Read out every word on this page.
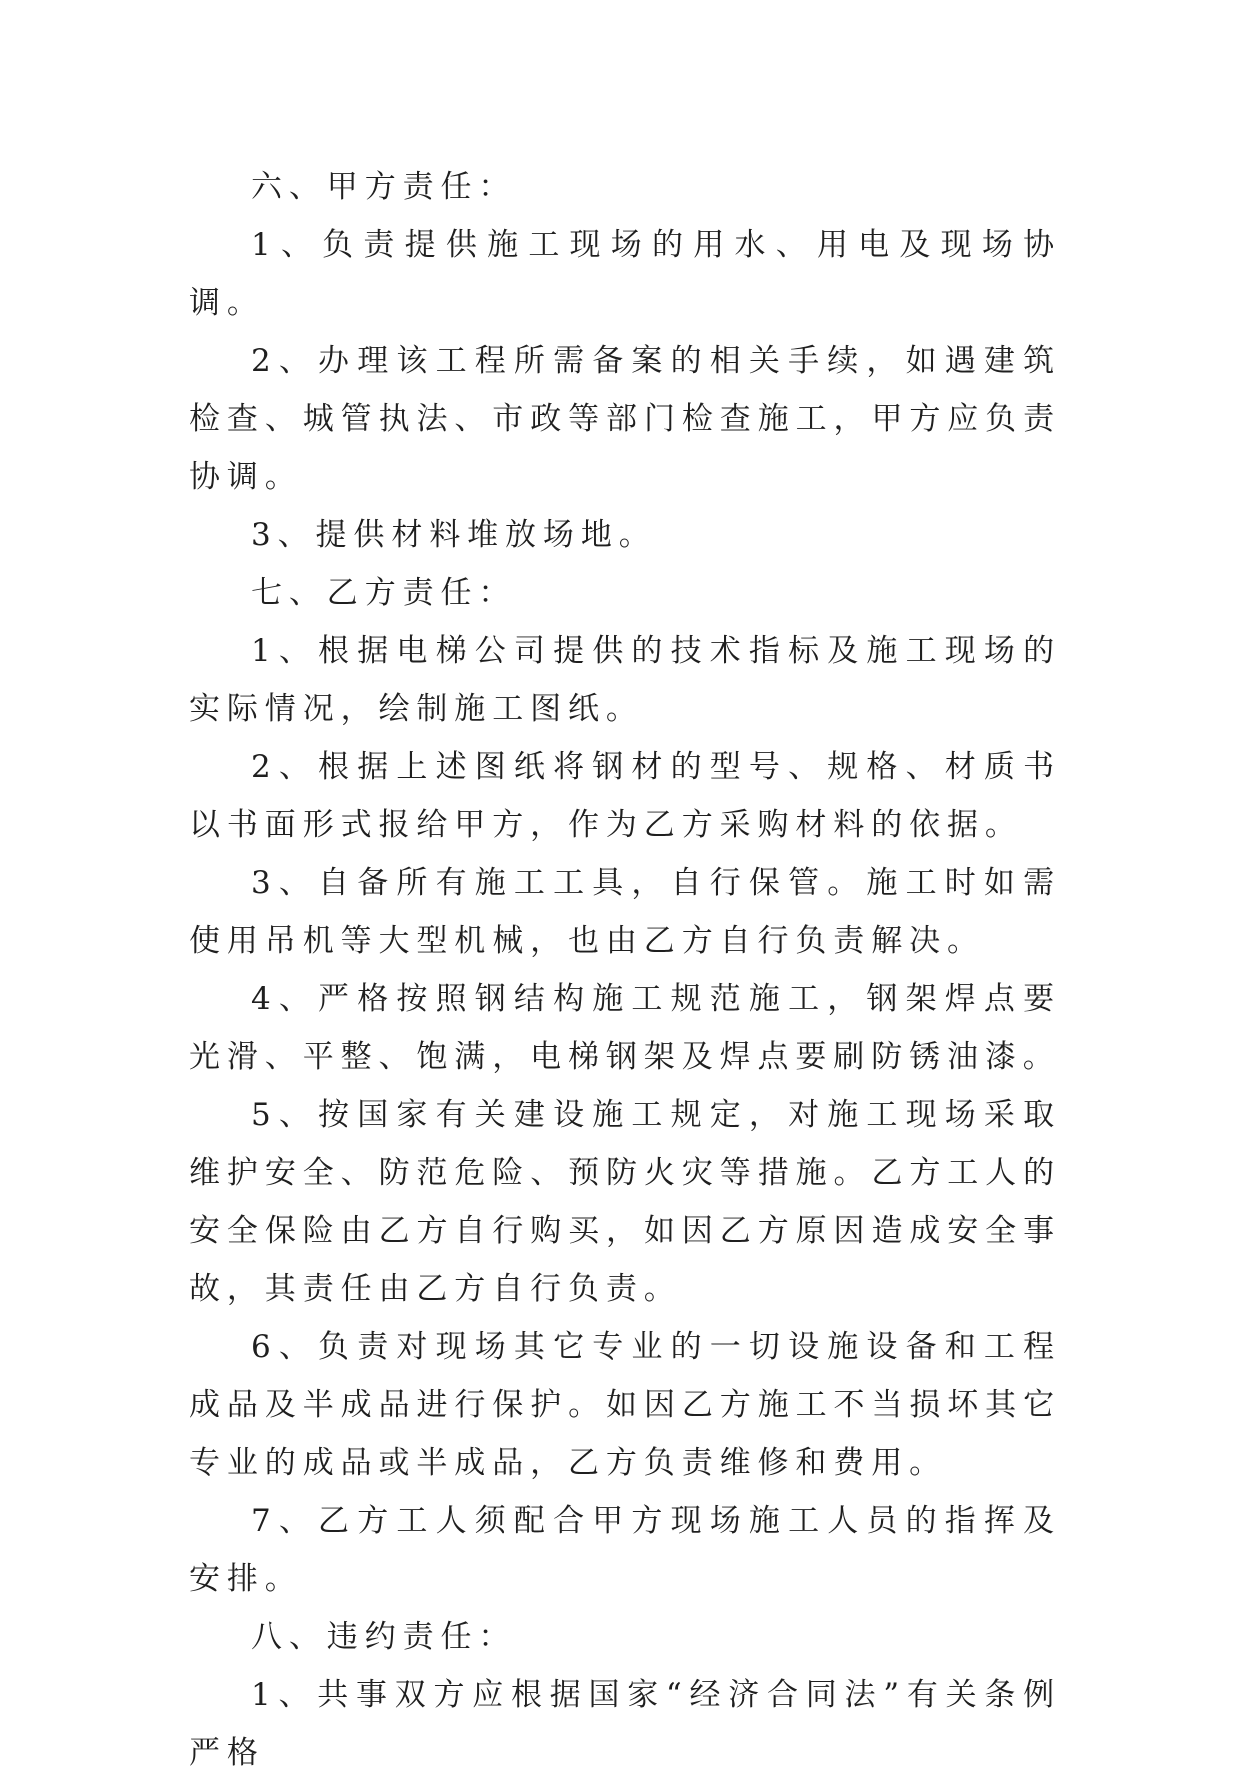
六、甲方责任：

1、负责提供施工现场的用水、用电及现场协调。

2、办理该工程所需备案的相关手续，如遇建筑检查、城管执法、市政等部门检查施工，甲方应负责协调。

3、提供材料堆放场地。

七、乙方责任：

1、根据电梯公司提供的技术指标及施工现场的实际情况，绘制施工图纸。

2、根据上述图纸将钢材的型号、规格、材质书以书面形式报给甲方，作为乙方采购材料的依据。

3、自备所有施工工具，自行保管。施工时如需使用吊机等大型机械，也由乙方自行负责解决。

4、严格按照钢结构施工规范施工，钢架焊点要光滑、平整、饱满，电梯钢架及焊点要刷防锈油漆。

5、按国家有关建设施工规定，对施工现场采取维护安全、防范危险、预防火灾等措施。乙方工人的安全保险由乙方自行购买，如因乙方原因造成安全事故，其责任由乙方自行负责。

6、负责对现场其它专业的一切设施设备和工程成品及半成品进行保护。如因乙方施工不当损坏其它专业的成品或半成品，乙方负责维修和费用。

7、乙方工人须配合甲方现场施工人员的指挥及安排。

八、违约责任：

1、共事双方应根据国家“经济合同法”有关条例严格
